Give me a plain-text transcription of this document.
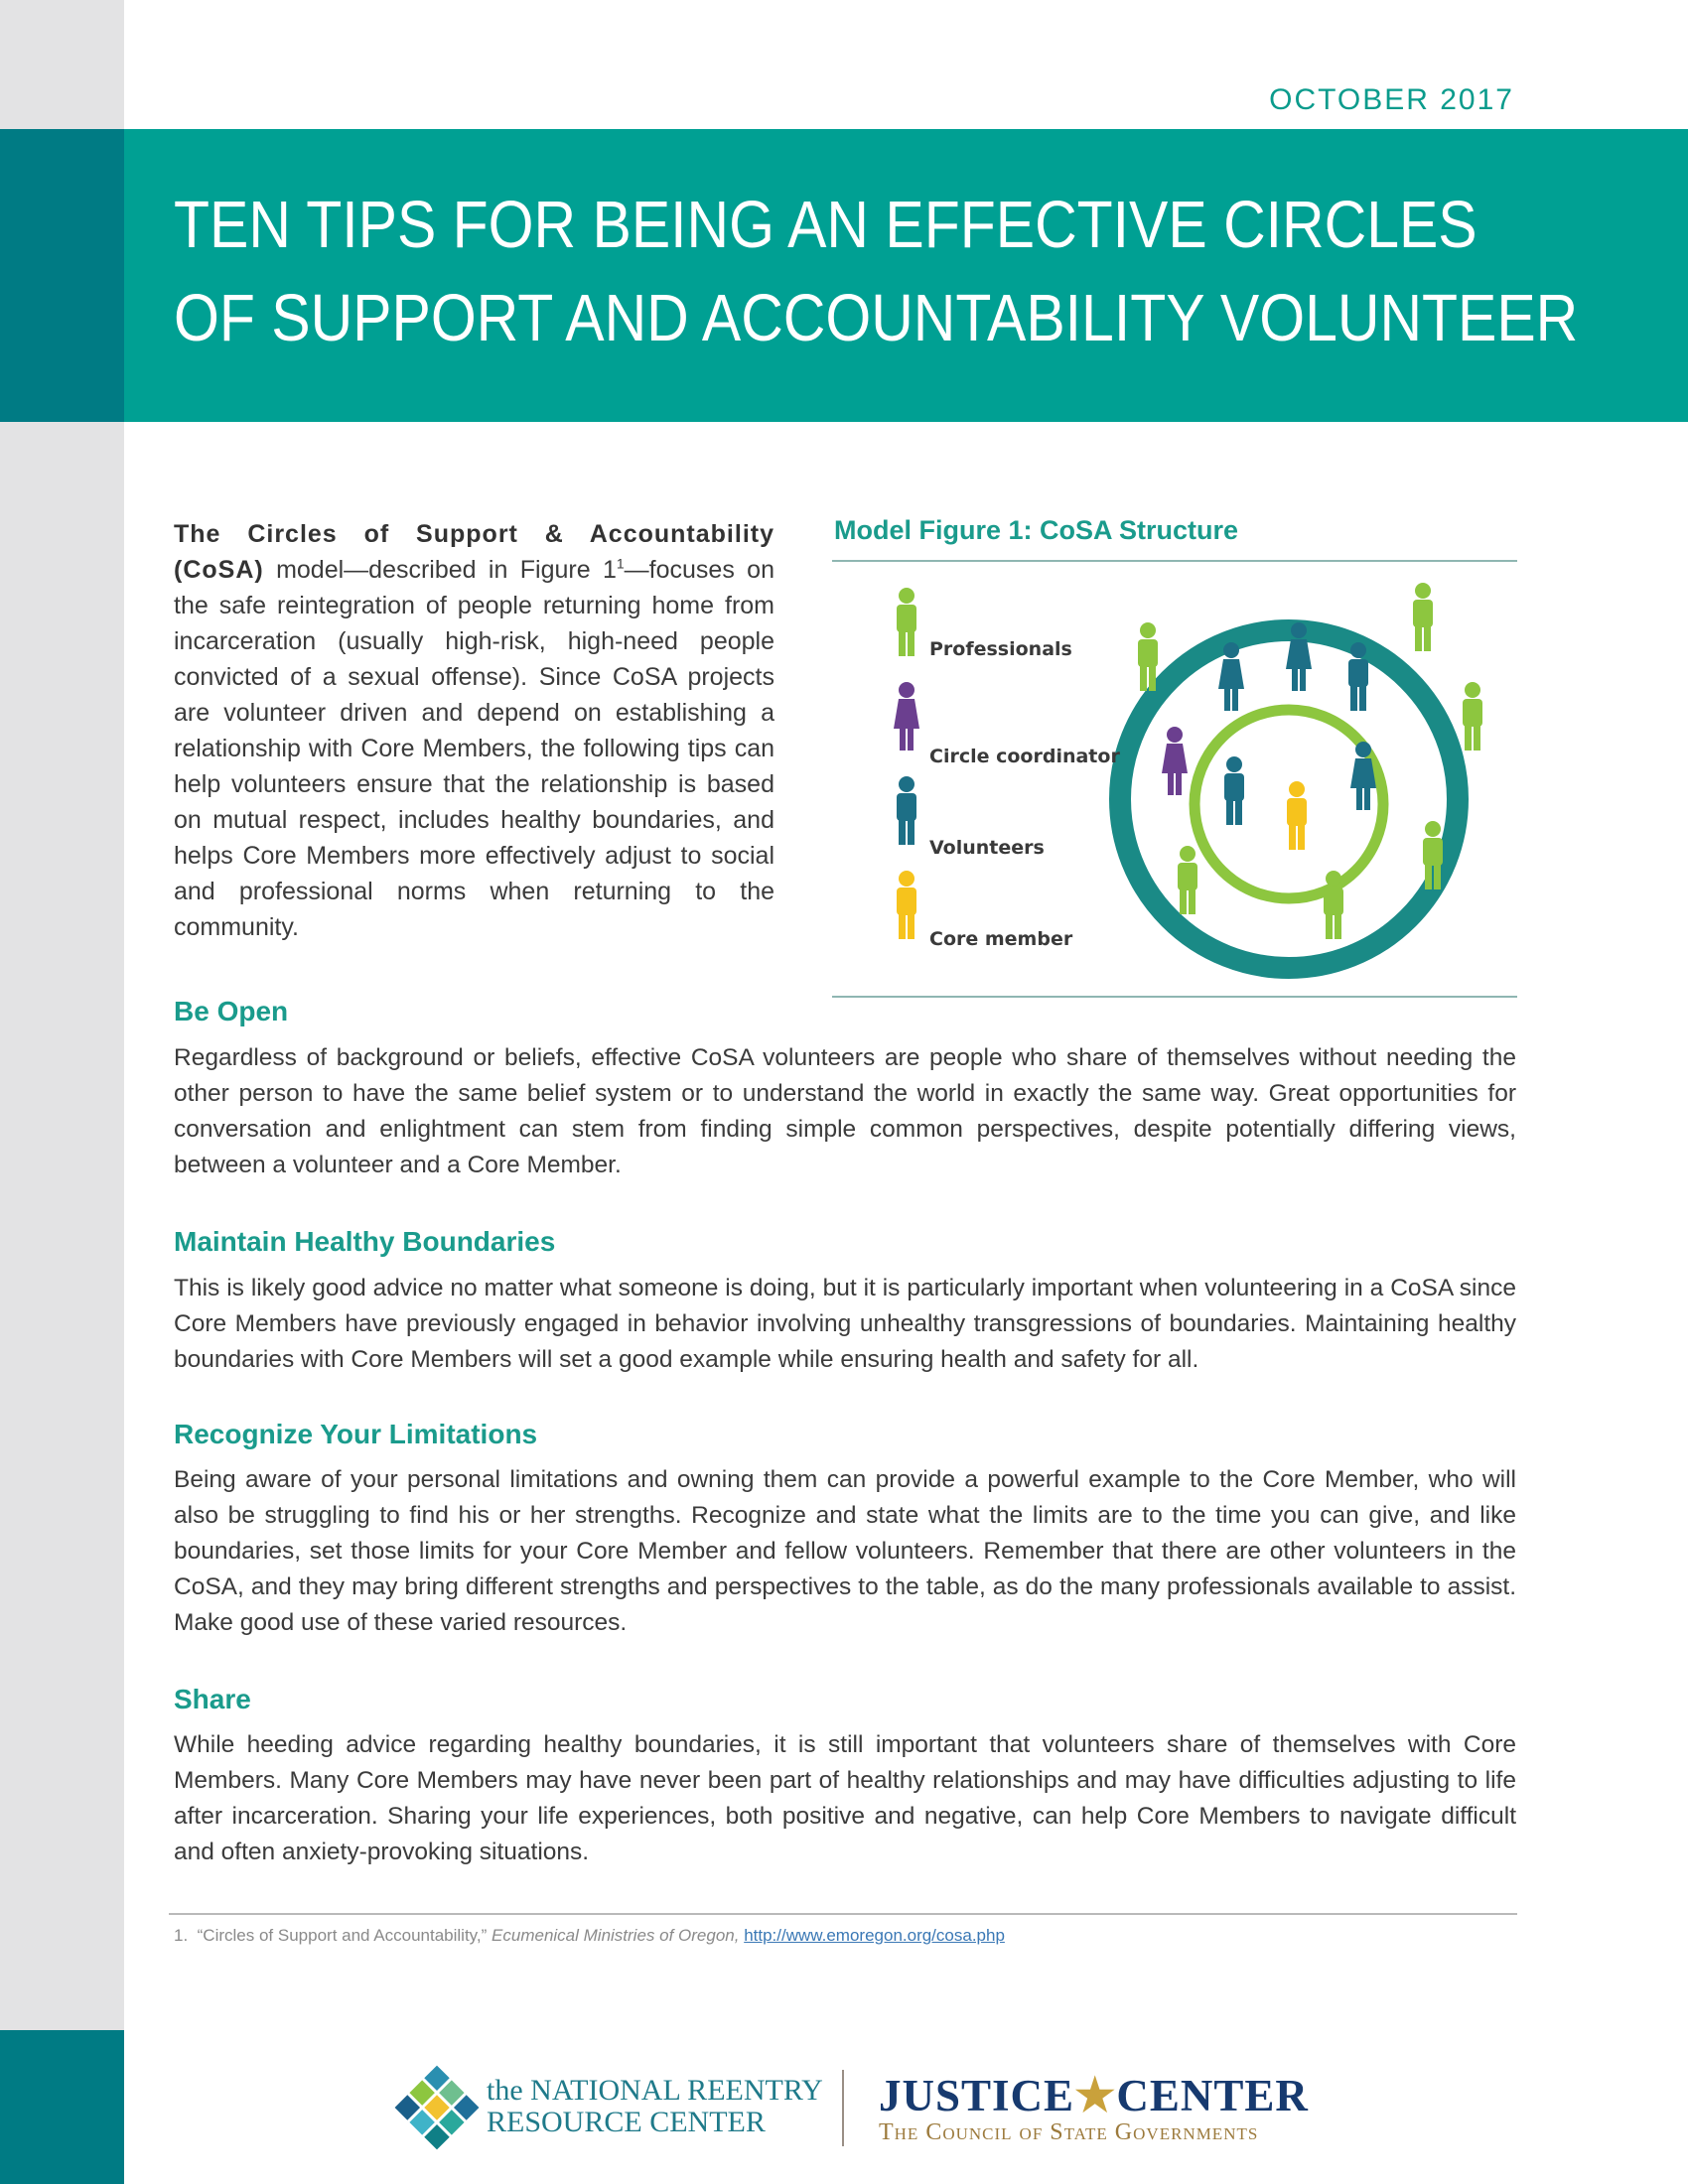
OCTOBER 2017
TEN TIPS FOR BEING AN EFFECTIVE CIRCLES
OF SUPPORT AND ACCOUNTABILITY VOLUNTEER

The Circles of Support & Accountability (CoSA) model—described in Figure $1^1—focuses$ on the safe reintegration of people returning home from incarceration (usually high-risk, high-need people convicted of a sexual offense). Since CoSA projects are volunteer driven and depend on establishing a relationship with Core Members, the following tips can help volunteers ensure that the relationship is based on mutual respect, includes healthy boundaries, and helps Core Members more effectively adjust to social and professional norms when returning to the community.

Model Figure 1: CoSA Structure
Professionals
Circle coordinator
Volunteers
Core member
Be Open

Regardless of background or beliefs, effective CoSA volunteers are people who share of themselves without needing the other person to have the same belief system or to understand the world in exactly the same way. Great opportunities for conversation and enlightment can stem from finding simple common perspectives, despite potentially differing views, between a volunteer and a Core Member.

Maintain Healthy Boundaries

This is likely good advice no matter what someone is doing, but it is particularly important when volunteering in a CoSA since Core Members have previously engaged in behavior involving unhealthy transgressions of boundaries. Maintaining healthy boundaries with Core Members will set a good example while ensuring health and safety for all.

Recognize Your Limitations

Being aware of your personal limitations and owning them can provide a powerful example to the Core Member, who will also be struggling to find his or her strengths. Recognize and state what the limits are to the time you can give, and like boundaries, set those limits for your Core Member and fellow volunteers. Remember that there are other volunteers in the CoSA, and they may bring different strengths and perspectives to the table, as do the many professionals available to assist. Make good use of these varied resources.

Share

While heeding advice regarding healthy boundaries, it is still important that volunteers share of themselves with Core Members. Many Core Members may have never been part of healthy relationships and may have difficulties adjusting to life after incarceration. Sharing your life experiences, both positive and negative, can help Core Members to navigate difficult and often anxiety-provoking situations.

1. “Circles of Support and Accountability,” Ecumenical Ministries of Oregon, http://www.emoregon.org/cosa.php

the NATIONAL REENTRY
RESOURCE CENTER
JUSTICE★CENTER
The Council of State Governments
